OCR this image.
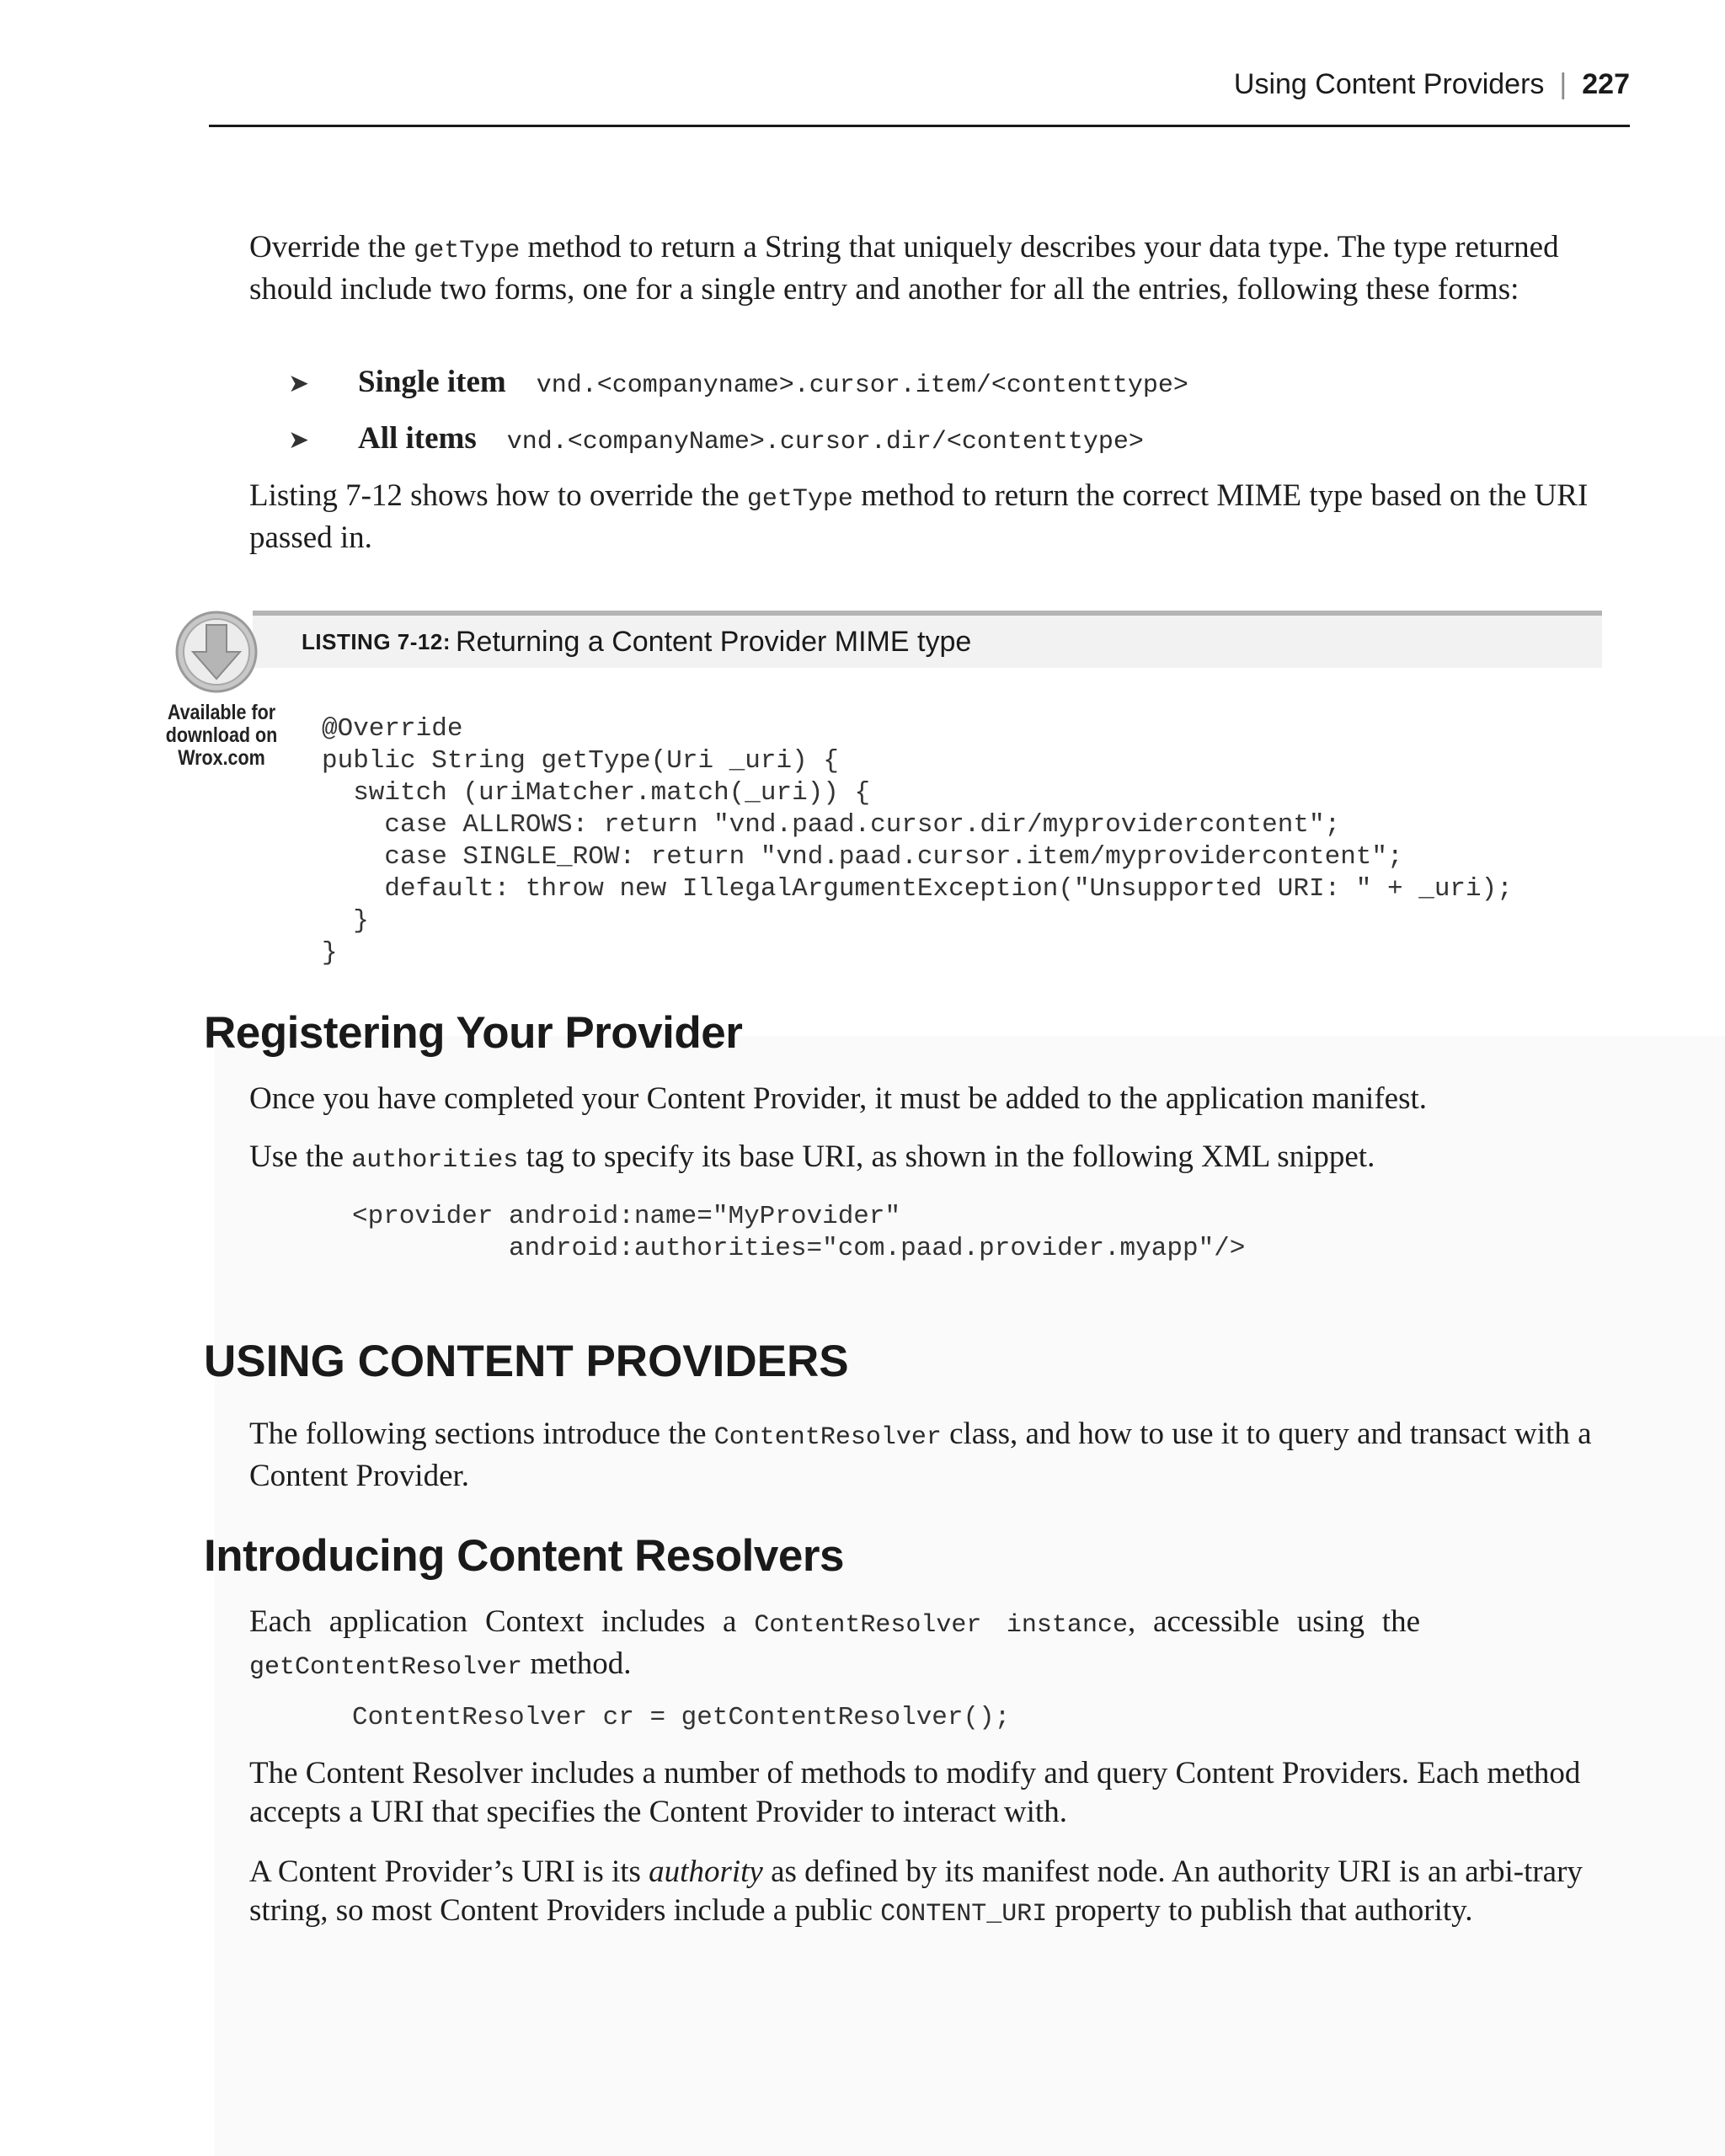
Using Content Providers | 227

Override the getType method to return a String that uniquely describes your data type. The type returned should include two forms, one for a single entry and another for all the entries, following these forms:

➤	Single item vnd.<companyname>.cursor.item/<contenttype>
➤	All items vnd.<companyName>.cursor.dir/<contenttype>

Listing 7-12 shows how to override the getType method to return the correct MIME type based on the URI passed in.

LISTING 7-12: Returning a Content Provider MIME type
Available for
download on
Wrox.com
@Override
public String getType(Uri _uri) {
switch (uriMatcher.match(_uri)) {
case ALLROWS: return "vnd.paad.cursor.dir/myprovidercontent";
case SINGLE_ROW: return "vnd.paad.cursor.item/myprovidercontent";
default: throw new IllegalArgumentException("Unsupported URI: " + _uri);
}
}
Registering Your Provider

Once you have completed your Content Provider, it must be added to the application manifest.

Use the authorities tag to specify its base URI, as shown in the following XML snippet.

<provider android:name="MyProvider"
android:authorities="com.paad.provider.myapp"/>
USING CONTENT PROVIDERS

The following sections introduce the ContentResolver class, and how to use it to query and transact with a Content Provider.

Introducing Content Resolvers

Each application Context includes a ContentResolver instance, accessible using the getContentResolver method.

ContentResolver cr = getContentResolver();

The Content Resolver includes a number of methods to modify and query Content Providers. Each method accepts a URI that specifies the Content Provider to interact with.

A Content Provider’s URI is its authority as defined by its manifest node. An authority URI is an arbi-trary string, so most Content Providers include a public CONTENT_URI property to publish that authority.
